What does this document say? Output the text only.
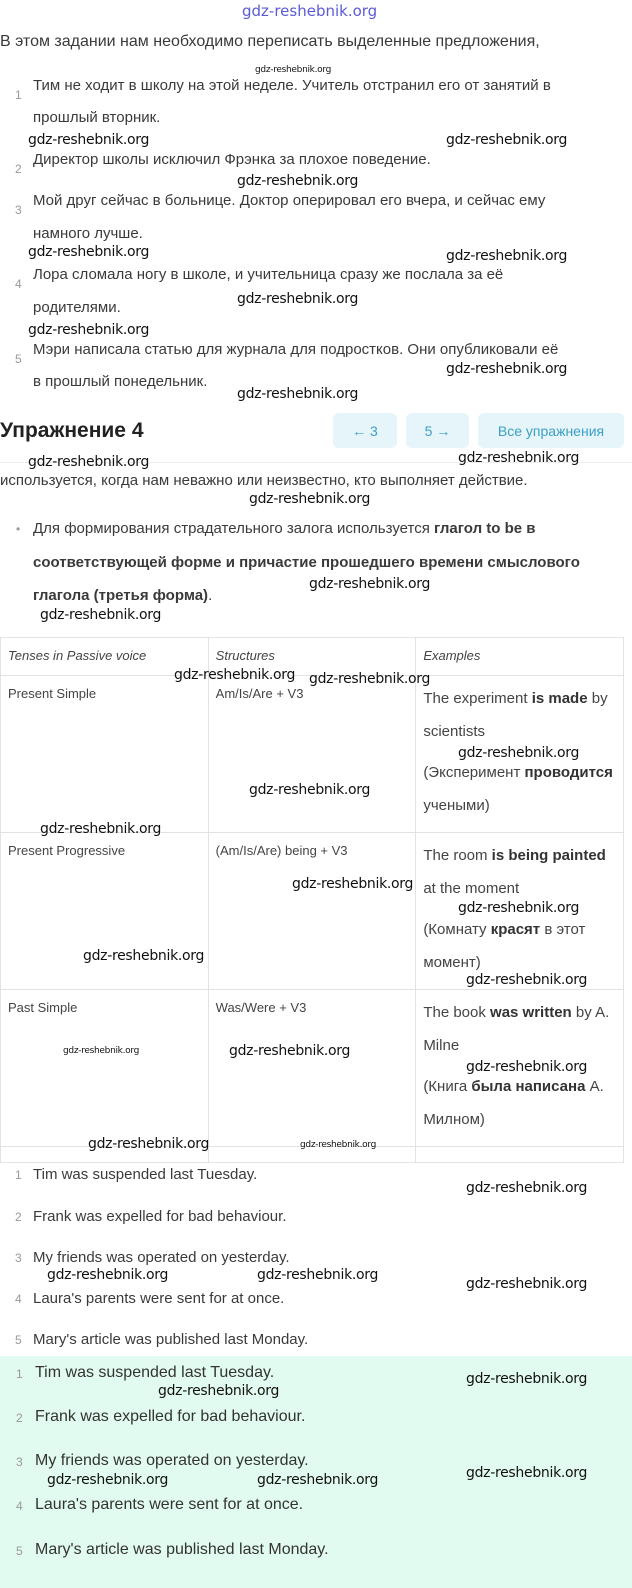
gdz-reshebnik.org
В этом задании нам необходимо переписать выделенные предложения,
1
Тим не ходит в школу на этой неделе. Учитель отстранил его от занятий в
прошлый вторник.
2
Директор школы исключил Фрэнка за плохое поведение.
3
Мой друг сейчас в больнице. Доктор оперировал его вчера, и сейчас ему
намного лучше.
4
Лора сломала ногу в школе, и учительница сразу же послала за её
родителями.
5
Мэри написала статью для журнала для подростков. Они опубликовали её
в прошлый понедельник.
Упражнение 4	← 3	5 →	Все упражнения
используется, когда нам неважно или неизвестно, кто выполняет действие.
• Для формирования страдательного залога используется глагол to be в
соответствующей форме и причастие прошедшего времени смыслового
глагола (третья форма).
Tenses in Passive voice	Structures	Examples
Present Simple	Am/Is/Are + V3	The experiment is made by scientists
(Эксперимент проводится учеными)

Present Progressive	(Am/Is/Are) being + V3	The room is being painted at the moment
(Комнату красят в этот момент)

Past Simple	Was/Were + V3	The book was written by A. Milne
(Книга была написана А. Милном)

1 Tim was suspended last Tuesday.
2 Frank was expelled for bad behaviour.
3 My friends was operated on yesterday.
4 Laura's parents were sent for at once.
5 Mary's article was published last Monday.
1 Tim was suspended last Tuesday.
2 Frank was expelled for bad behaviour.
3 My friends was operated on yesterday.
4 Laura's parents were sent for at once.
5 Mary's article was published last Monday.
gdz-reshebnik.org
gdz-reshebnik.org	gdz-reshebnik.org
gdz-reshebnik.org
gdz-reshebnik.org	gdz-reshebnik.org
gdz-reshebnik.org
gdz-reshebnik.org
gdz-reshebnik.org
gdz-reshebnik.org
gdz-reshebnik.org	gdz-reshebnik.org
gdz-reshebnik.org
gdz-reshebnik.org
gdz-reshebnik.org
gdz-reshebnik.org gdz-reshebnik.org
gdz-reshebnik.org
gdz-reshebnik.org
gdz-reshebnik.org
gdz-reshebnik.org
gdz-reshebnik.org
gdz-reshebnik.org
gdz-reshebnik.org
gdz-reshebnik.org	gdz-reshebnik.org
gdz-reshebnik.org
gdz-reshebnik.org	gdz-reshebnik.org
gdz-reshebnik.org
gdz-reshebnik.org	gdz-reshebnik.org
gdz-reshebnik.org
gdz-reshebnik.org
gdz-reshebnik.org
gdz-reshebnik.org	gdz-reshebnik.org	gdz-reshebnik.org
